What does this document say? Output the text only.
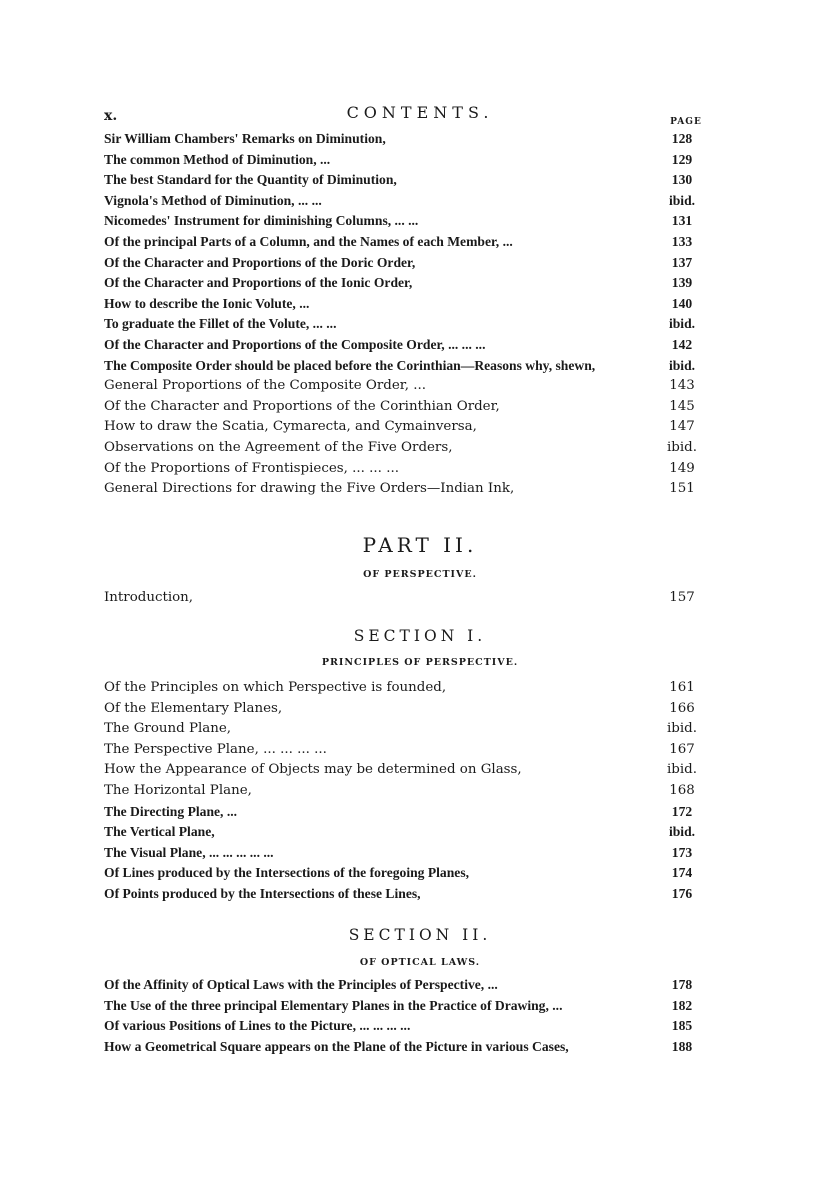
x.	CONTENTS.	PAGE
Sir William Chambers' Remarks on Diminution,	128
The common Method of Diminution, ...	129
The best Standard for the Quantity of Diminution,	130
Vignola's Method of Diminution, ... ...	ibid.
Nicomedes' Instrument for diminishing Columns, ... ...	131
Of the principal Parts of a Column, and the Names of each Member, ...	133
Of the Character and Proportions of the Doric Order,	137
Of the Character and Proportions of the Ionic Order,	139
How to describe the Ionic Volute, ...	140
To graduate the Fillet of the Volute, ... ...	ibid.
Of the Character and Proportions of the Composite Order, ... ... ...	142
The Composite Order should be placed before the Corinthian—Reasons why, shewn,	ibid.
General Proportions of the Composite Order, ...	143
Of the Character and Proportions of the Corinthian Order,	145
How to draw the Scatia, Cymarecta, and Cymainversa,	147
Observations on the Agreement of the Five Orders,	ibid.
Of the Proportions of Frontispieces, ... ... ...	149
General Directions for drawing the Five Orders—Indian Ink,	151
PART II.
OF PERSPECTIVE.
Introduction,	157
SECTION I.
PRINCIPLES OF PERSPECTIVE.
Of the Principles on which Perspective is founded,	161
Of the Elementary Planes,	166
The Ground Plane,	ibid.
The Perspective Plane, ... ... ... ...	167
How the Appearance of Objects may be determined on Glass,	ibid.
The Horizontal Plane,	168
The Directing Plane, ...	172
The Vertical Plane,	ibid.
The Visual Plane, ... ... ... ... ...	173
Of Lines produced by the Intersections of the foregoing Planes,	174
Of Points produced by the Intersections of these Lines,	176
SECTION II.
OF OPTICAL LAWS.
Of the Affinity of Optical Laws with the Principles of Perspective, ...	178
The Use of the three principal Elementary Planes in the Practice of Drawing, ...	182
Of various Positions of Lines to the Picture, ... ... ... ...	185
How a Geometrical Square appears on the Plane of the Picture in various Cases,	188
